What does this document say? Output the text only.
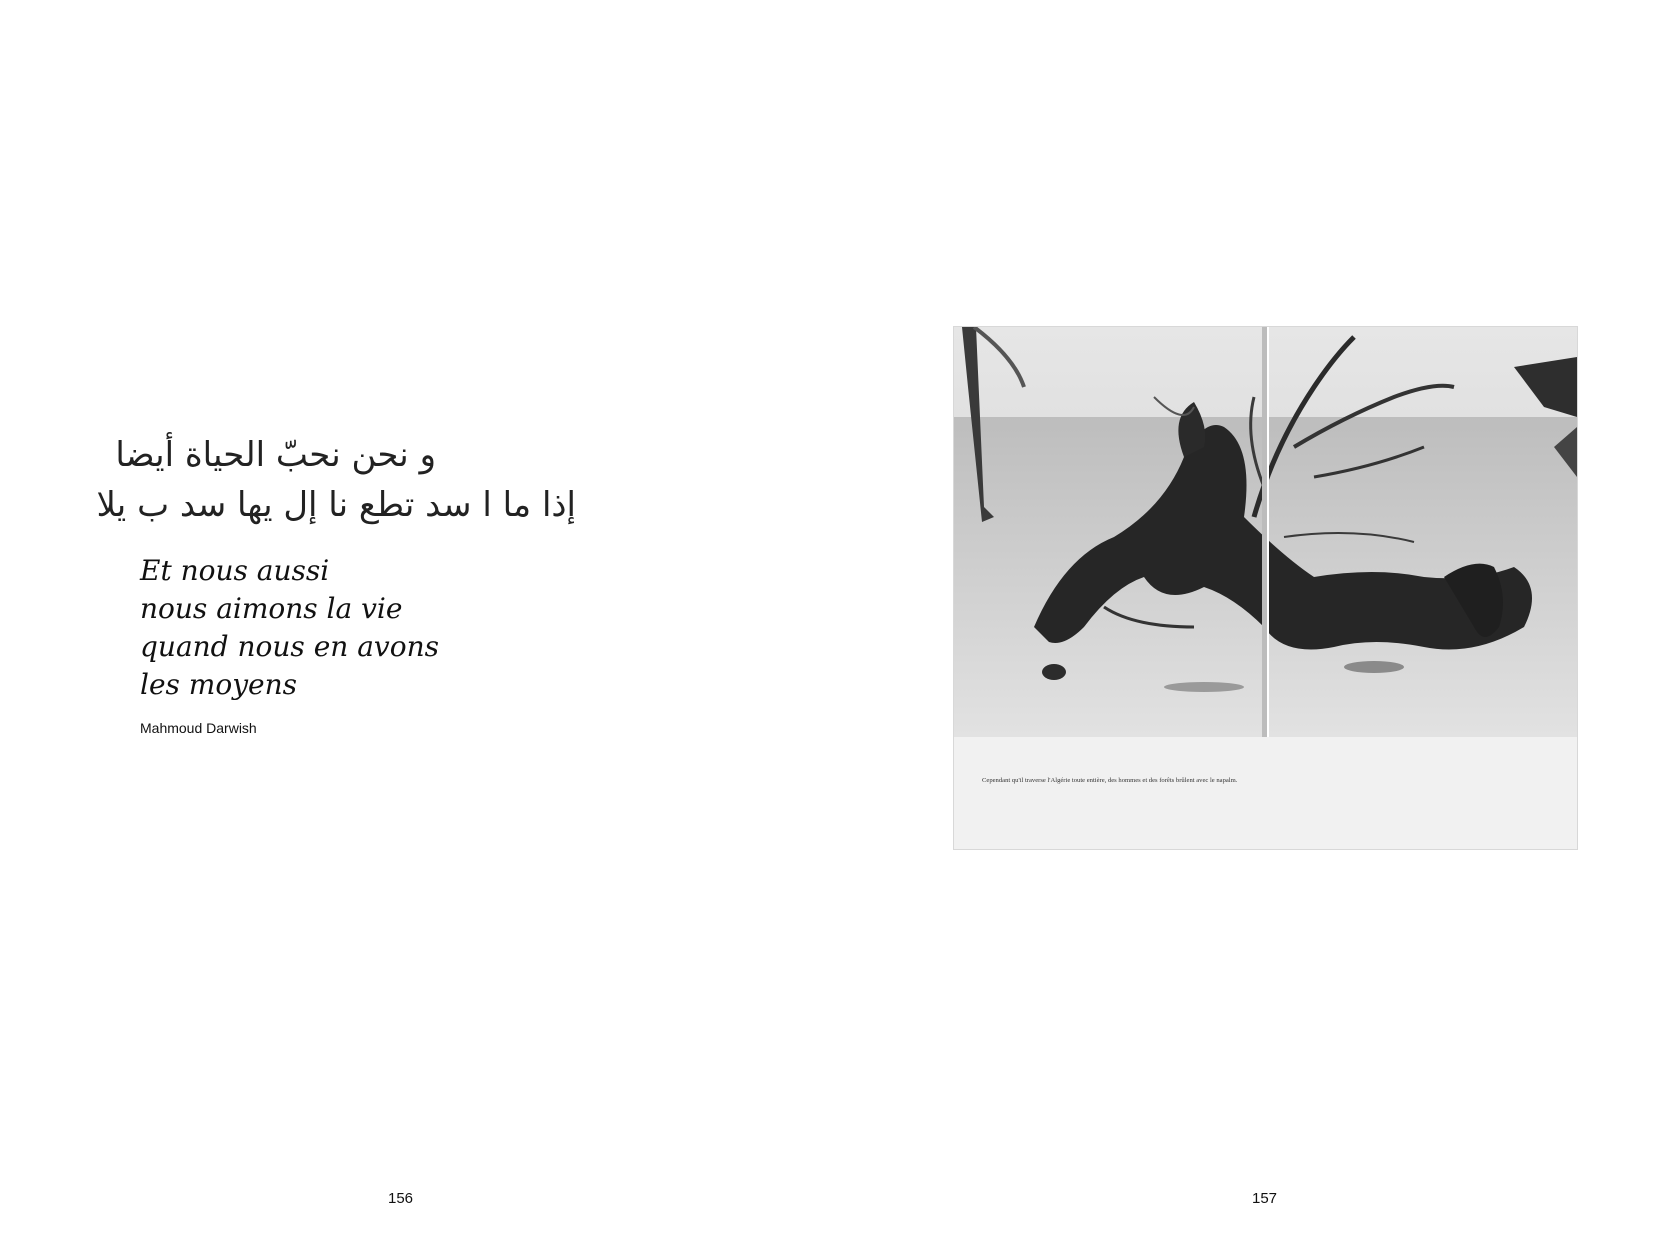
و نحن نحبّ الحياة أيضا
إذا ما ا سد تطع نا إل يها سد ب يلا
Et nous aussi
nous aimons la vie
quand nous en avons
les moyens
Mahmoud Darwish
156
Cependant qu'il traverse l'Algérie toute entière, des hommes et des forêts brûlent avec le napalm.
157
